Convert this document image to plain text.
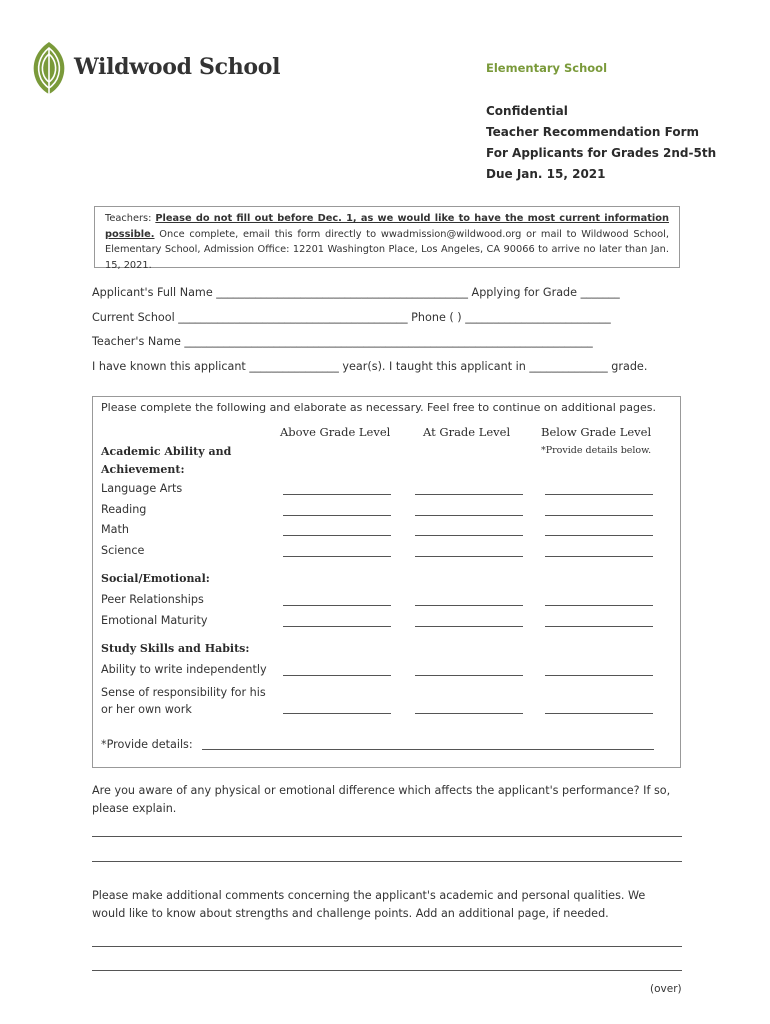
Wildwood School	Elementary School
Confidential
Teacher Recommendation Form
For Applicants for Grades 2nd-5th
Due Jan. 15, 2021
Teachers: Please do not fill out before Dec. 1, as we would like to have the most current information possible. Once complete, email this form directly to wwadmission@wildwood.org or mail to Wildwood School, Elementary School, Admission Office: 12201 Washington Place, Los Angeles, CA 90066 to arrive no later than Jan. 15, 2021.
Applicant's Full Name _____________________________________________ Applying for Grade _______
Current School _________________________________________ Phone ( ) __________________________
Teacher's Name _________________________________________________________________________
I have known this applicant ________________ year(s). I taught this applicant in ______________ grade.
Please complete the following and elaborate as necessary. Feel free to continue on additional pages.
Above Grade Level	At Grade Level	Below Grade Level
*Provide details below.
Academic Ability and Achievement:
Language Arts
Reading
Math
Science
Social/Emotional:
Peer Relationships
Emotional Maturity
Study Skills and Habits:
Ability to write independently
Sense of responsibility for his or her own work
*Provide details:
Are you aware of any physical or emotional difference which affects the applicant's performance? If so, please explain.
Please make additional comments concerning the applicant's academic and personal qualities. We would like to know about strengths and challenge points. Add an additional page, if needed.
(over)
